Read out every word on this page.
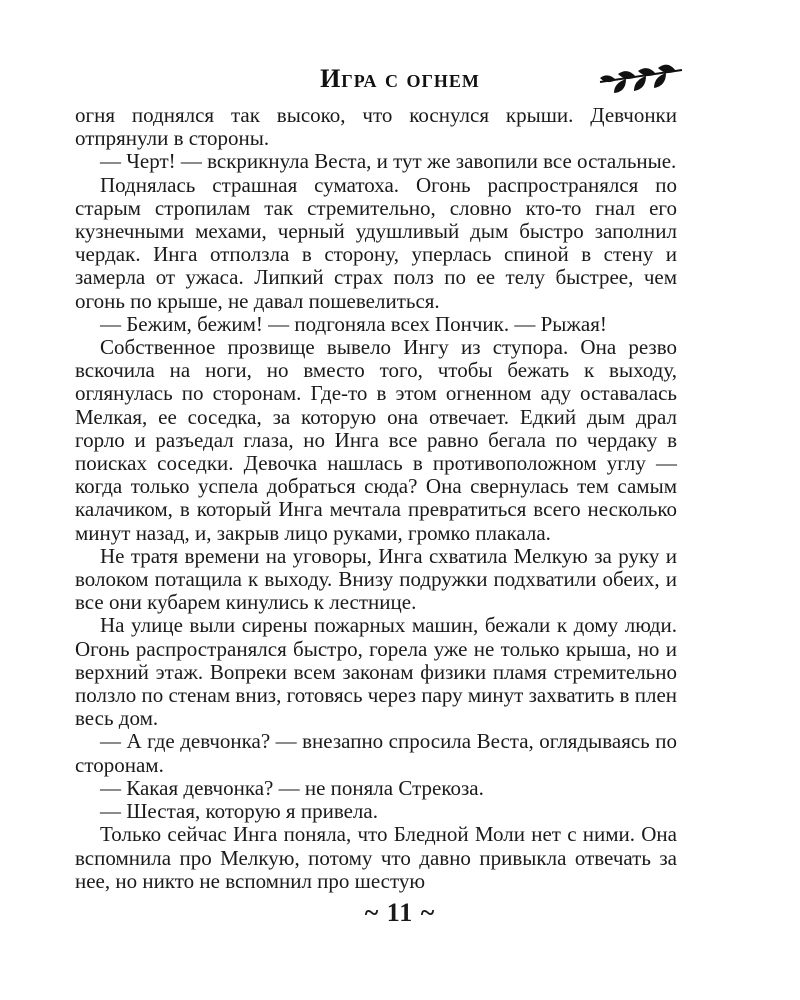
Игра с огнем

огня поднялся так высоко, что коснулся крыши. Девчонки отпрянули в стороны.

— Черт! — вскрикнула Веста, и тут же завопили все остальные.

Поднялась страшная суматоха. Огонь распространялся по старым стропилам так стремительно, словно кто-то гнал его кузнечными мехами, черный удушливый дым быстро заполнил чердак. Инга отползла в сторону, уперлась спиной в стену и замерла от ужаса. Липкий страх полз по ее телу быстрее, чем огонь по крыше, не давал пошевелиться.

— Бежим, бежим! — подгоняла всех Пончик. — Рыжая!

Собственное прозвище вывело Ингу из ступора. Она резво вскочила на ноги, но вместо того, чтобы бежать к выходу, оглянулась по сторонам. Где-то в этом огненном аду оставалась Мелкая, ее соседка, за которую она отвечает. Едкий дым драл горло и разъедал глаза, но Инга все равно бегала по чердаку в поисках соседки. Девочка нашлась в противоположном углу — когда только успела добраться сюда? Она свернулась тем самым калачиком, в который Инга мечтала превратиться всего несколько минут назад, и, закрыв лицо руками, громко плакала.

Не тратя времени на уговоры, Инга схватила Мелкую за руку и волоком потащила к выходу. Внизу подружки подхватили обеих, и все они кубарем кинулись к лестнице.

На улице выли сирены пожарных машин, бежали к дому люди. Огонь распространялся быстро, горела уже не только крыша, но и верхний этаж. Вопреки всем законам физики пламя стремительно ползло по стенам вниз, готовясь через пару минут захватить в плен весь дом.

— А где девчонка? — внезапно спросила Веста, оглядываясь по сторонам.

— Какая девчонка? — не поняла Стрекоза.

— Шестая, которую я привела.

Только сейчас Инга поняла, что Бледной Моли нет с ними. Она вспомнила про Мелкую, потому что давно привыкла отвечать за нее, но никто не вспомнил про шестую

~ 11 ~
